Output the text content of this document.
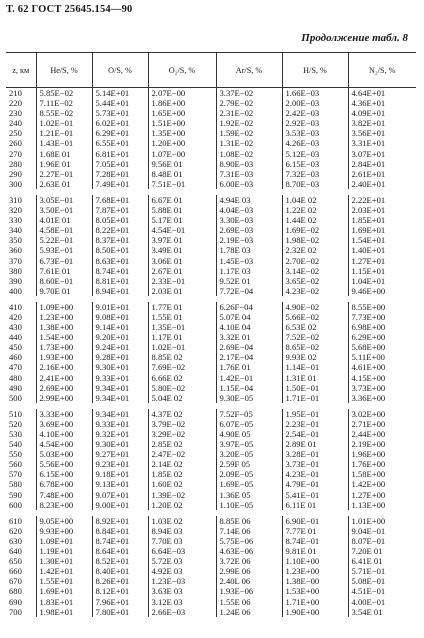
Т. 62 ГОСТ 25645.154—90
Продолжение табл. 8
z, км	He/S, %	O/S, %	O₂/S, %	Ar/S, %	H/S, %	N₂/S, %
210	5.85E−02	5.14E+01	2.07E−00	3.37E−02	1.66E−03	4.64E+01
220	7.11E−02	5.44E+01	1.86E+00	2.79E−02	2.00E−03	4.36E+01
230	8.55E−02	5.73E+01	1.65E+00	2.31E−02	2.42E−03	4.09E+01
240	1.02E−01	6.02E+01	1.51E+00	1.92E−02	2.92E−03	3.82E+01
250	1.21E−01	6.29E+01	1.35E+00	1.59E−02	3.53E−03	3.56E+01
260	1.43E−01	6.55E+01	1.20E+00	1.31E−02	4.26E−03	3.31E+01
270	1.68E 01	6.81E+01	1.07E−00	1.08E−02	5.12E−03	3.07E+01
280	1.96E 01	7.05E+01	9.56E 01	8.90E−03	6.15E−03	2.84E+01
290	2.27E−01	7.28E+01	8.48E 01	7.31E−03	7.32E−03	2.61E+01
300	2.63E 01	7.49E+01	7.51E−01	6.00E−03	8.70E−03	2.40E+01

310	3.05E−01	7.68E+01	6.67E 01	4.94E 03	1.04E 02	2.22E+01
320	3.50E−01	7.87E+01	5.88E 01	4.04E−03	1.22E 02	2.03E+01
330	4.01E 01	8.05E+01	5.17E 01	3.30E−03	1.44E 02	1.85E+01
340	4.58E−01	8.22E+01	4.54E−01	2.69E−03	1.69E−02	1.69E+01
350	5.22E−01	8.37E+01	3.97E 01	2.19E−03	1.98E−02	1.54E+01
360	5.93E−01	8.50E+01	3.49E 01	1.78E 03	2.32E 02	1.40E+01
370	6.73E−01	8.63E+01	3.06E 01	1.45E−03	2.70E−02	1.27E+01
380	7.61E 01	8.74E+01	2.67E 01	1.17E 03	3.14E−02	1.15E+01
390	8.60E−01	8.81E+01	2.33E−01	9.52E 01	3.65E−02	1.04E+01
400	9.70E 01	8.94E+01	2.03E 01	7.72E−04	4.23E−02	9.46E+00

410	1.09E+00	9.01E+01	1.77E 01	6.26F−04	4.90E−02	8.55E+00
420	1.23E+00	9.08E+01	1.55E 01	5.07E 04	5.66E−02	7.73E+00
430	1.38E+00	9.14E+01	1.35E−01	4.10E 04	6.53E 02	6.98E+00
440	1.54E+00	9.20E+01	1.17E 01	3.32E 01	7.52E−02	6.29E+00
450	1.73E+00	9.24E+01	1.02E−01	2.69E−04	8.65E−02	5.68E+00
460	1.93E+00	9.28E+01	8.85E 02	2.17E−04	9.93E 02	5.11E+00
470	2.16E+00	9.30E+01	7.69E−02	1.76E 01	1.14E−01	4.61E+00
480	2.41E+00	9.33E+01	6.66E 02	1.42E−01	1.31E 01	4.15E+00
490	2.69E+00	9.34E+01	5.80E−02	1.15E−04	1.50E−01	3.73E+00
500	2.99E+00	9.34E+01	5.04E 02	9.30E−05	1.71E−01	3.36E+00

510	3.33E+00	9.34E+01	4.37E 02	7.52F−05	1.95E−01	3.02E+00
520	3.69E+00	9.33E+01	3.79E−02	6.07E−05	2.23E−01	2.71E+00
530	4.10E+00	9.32E+01	3.29E−02	4.90E 05	2.54E−01	2.44E+00
540	4.54E+00	9.30E+01	2.85E 02	3.97E−05	2.89E 01	2.19E+00
550	5.03E+00	9.27E+01	2.47E−02	3.20E−05	3.28E−01	1.96E+00
560	5.56E+00	9.23E+01	2.14E 02	2.59F 05	3.73E−01	1.76E+00
570	6.15E+00	9.18E+01	1.85E 02	2.09E−05	4.23E−01	1.58E+00
580	6.78E+00	9.13E+01	1.60E 02	1.69E−05	4.79E−01	1.42E+00
590	7.48E+00	9.07E+01	1.39E−02	1.36E 05	5.41E−01	1.27E+00
600	8.23E+00	9.00E+01	1.20E 02	1.10E−05	6.11E 01	1.13E+00

610	9.05E+00	8.92E+01	1.03E 02	8.85E 06	6.90E−01	1.01E+00
620	9.93E+00	8.84E+01	8.94E 03	7.14E 06	7.77E 01	9.04E−01
630	1.09E+01	8.74E+01	7.70E 03	5.75E−06	8.74E−01	8.07E−01
640	1.19E+01	8.64E+01	6.64E−03	4.63E−06	9.81E 01	7.20E 01
650	1.30E+01	8.52E+01	5.72E 03	3.72E 06	1.10E+00	6.41E 01
660	1.42E+01	8.40E+01	4.92E 03	2.99E 06	1.23E+00	5.71E−01
670	1.55E+01	8.26E+01	1.23E−03	2.40L 06	1.38E−00	5.08E−01
680	1.69E+01	8.12E+01	3.63E 03	1.93E−06	1.53E+00	4.51E−01
690	1.83E+01	7.96E+01	3.12E 03	1.55E 06	1.71E+00	4.00E−01
700	1.98E+01	7.80E+01	2.66E−03	1.24E 06	1.90E+00	3.54E 01
